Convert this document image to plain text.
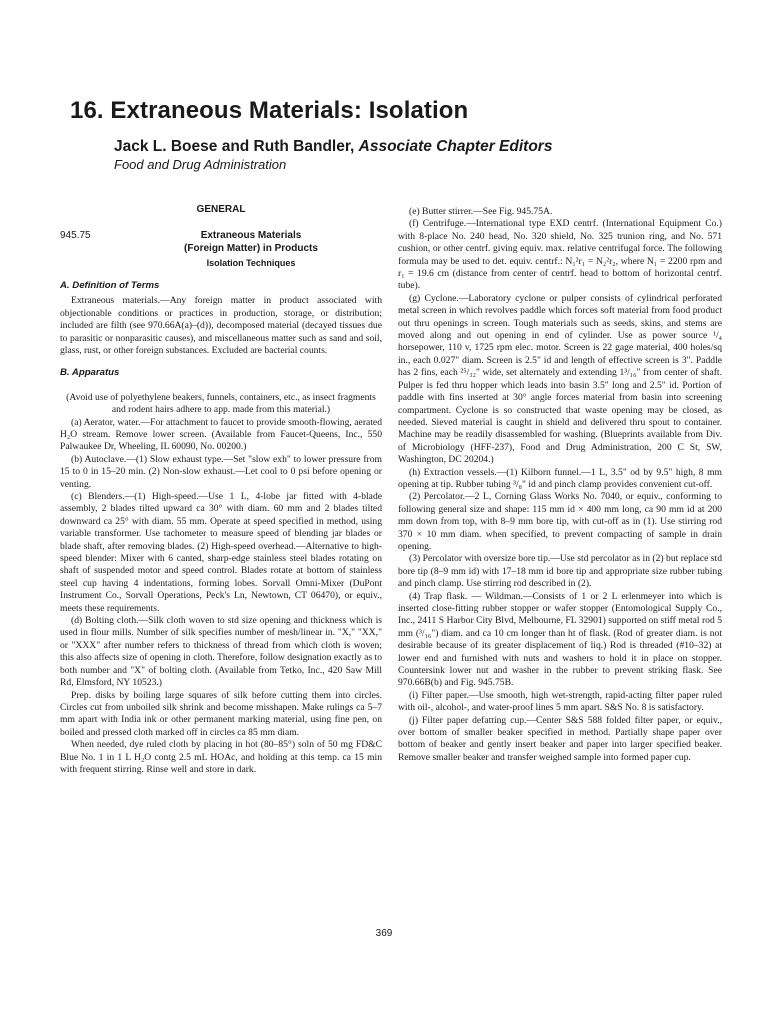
16. Extraneous Materials: Isolation
Jack L. Boese and Ruth Bandler, Associate Chapter Editors
Food and Drug Administration
GENERAL
945.75	Extraneous Materials
(Foreign Matter) in Products
Isolation Techniques
A. Definition of Terms

Extraneous materials.—Any foreign matter in product associated with objectionable conditions or practices in production, storage, or distribution; included are filth (see 970.66A(a)–(d)), decomposed material (decayed tissues due to parasitic or nonparasitic causes), and miscellaneous matter such as sand and soil, glass, rust, or other foreign substances. Excluded are bacterial counts.

B. Apparatus

(Avoid use of polyethylene beakers, funnels, containers, etc., as insect fragments and rodent hairs adhere to app. made from this material.)

(a) Aerator, water.—For attachment to faucet to provide smooth-flowing, aerated H₂O stream. Remove lower screen. (Available from Faucet-Queens, Inc., 550 Palwaukee Dr, Wheeling, IL 60090, No. 00200.)

(b) Autoclave.—(1) Slow exhaust type.—Set "slow exh" to lower pressure from 15 to 0 in 15–20 min. (2) Non-slow exhaust.—Let cool to 0 psi before opening or venting.

(c) Blenders.—(1) High-speed.—Use 1 L, 4-lobe jar fitted with 4-blade assembly, 2 blades tilted upward ca 30° with diam. 60 mm and 2 blades tilted downward ca 25° with diam. 55 mm. Operate at speed specified in method, using variable transformer. Use tachometer to measure speed of blending jar blades or blade shaft, after removing blades. (2) High-speed overhead.—Alternative to high-speed blender: Mixer with 6 canted, sharp-edge stainless steel blades rotating on shaft of suspended motor and speed control. Blades rotate at bottom of stainless steel cup having 4 indentations, forming lobes. Sorvall Omni-Mixer (DuPont Instrument Co., Sorvall Operations, Peck's Ln, Newtown, CT 06470), or equiv., meets these requirements.

(d) Bolting cloth.—Silk cloth woven to std size opening and thickness which is used in flour mills. Number of silk specifies number of mesh/linear in. "X," "XX," or "XXX" after number refers to thickness of thread from which cloth is woven; this also affects size of opening in cloth. Therefore, follow designation exactly as to both number and "X" of bolting cloth. (Available from Tetko, Inc., 420 Saw Mill Rd, Elmsford, NY 10523.)

Prep. disks by boiling large squares of silk before cutting them into circles. Circles cut from unboiled silk shrink and become misshapen. Make rulings ca 5–7 mm apart with India ink or other permanent marking material, using fine pen, on boiled and pressed cloth marked off in circles ca 85 mm diam.

When needed, dye ruled cloth by placing in hot (80–85°) soln of 50 mg FD&C Blue No. 1 in 1 L H₂O contg 2.5 mL HOAc, and holding at this temp. ca 15 min with frequent stirring. Rinse well and store in dark.

(e) Butter stirrer.—See Fig. 945.75A.

(f) Centrifuge.—International type EXD centrf. (International Equipment Co.) with 8-place No. 240 head, No. 320 shield, No. 325 trunion ring, and No. 571 cushion, or other centrf. giving equiv. max. relative centrifugal force. The following formula may be used to det. equiv. centrf.: N₁²r₁ = N₂²r₂, where N₁ = 2200 rpm and r₁ = 19.6 cm (distance from center of centrf. head to bottom of horizontal centrf. tube).

(g) Cyclone.—Laboratory cyclone or pulper consists of cylindrical perforated metal screen in which revolves paddle which forces soft material from food product out thru openings in screen. Tough materials such as seeds, skins, and stems are moved along and out opening in end of cylinder. Use as power source ¹/₄ horsepower, 110 v, 1725 rpm elec. motor. Screen is 22 gage material, 400 holes/sq in., each 0.027" diam. Screen is 2.5" id and length of effective screen is 3". Paddle has 2 fins, each ²⁵/₃₂" wide, set alternately and extending 1³/₁₆" from center of shaft. Pulper is fed thru hopper which leads into basin 3.5" long and 2.5" id. Portion of paddle with fins inserted at 30° angle forces material from basin into screening compartment. Cyclone is so constructed that waste opening may be closed, as needed. Sieved material is caught in shield and delivered thru spout to container. Machine may be readily disassembled for washing. (Blueprints available from Div. of Microbiology (HFF-237), Food and Drug Administration, 200 C St, SW, Washington, DC 20204.)

(h) Extraction vessels.—(1) Kilborn funnel.—1 L, 3.5" od by 9.5" high, 8 mm opening at tip. Rubber tubing ³/₈" id and pinch clamp provides convenient cut-off.

(2) Percolator.—2 L, Corning Glass Works No. 7040, or equiv., conforming to following general size and shape: 115 mm id × 400 mm long, ca 90 mm id at 200 mm down from top, with 8–9 mm bore tip, with cut-off as in (1). Use stirring rod 370 × 10 mm diam. when specified, to prevent compacting of sample in drain opening.

(3) Percolator with oversize bore tip.—Use std percolator as in (2) but replace std bore tip (8–9 mm id) with 17–18 mm id bore tip and appropriate size rubber tubing and pinch clamp. Use stirring rod described in (2).

(4) Trap flask. — Wildman.—Consists of 1 or 2 L erlenmeyer into which is inserted close-fitting rubber stopper or wafer stopper (Entomological Supply Co., Inc., 2411 S Harbor City Blvd, Melbourne, FL 32901) supported on stiff metal rod 5 mm (³/₁₆") diam. and ca 10 cm longer than ht of flask. (Rod of greater diam. is not desirable because of its greater displacement of liq.) Rod is threaded (#10–32) at lower end and furnished with nuts and washers to hold it in place on stopper. Countersink lower nut and washer in the rubber to prevent striking flask. See 970.66B(b) and Fig. 945.75B.

(i) Filter paper.—Use smooth, high wet-strength, rapid-acting filter paper ruled with oil-, alcohol-, and water-proof lines 5 mm apart. S&S No. 8 is satisfactory.

(j) Filter paper defatting cup.—Center S&S 588 folded filter paper, or equiv., over bottom of smaller beaker specified in method. Partially shape paper over bottom of beaker and gently insert beaker and paper into larger specified beaker. Remove smaller beaker and transfer weighed sample into formed paper cup.

369
